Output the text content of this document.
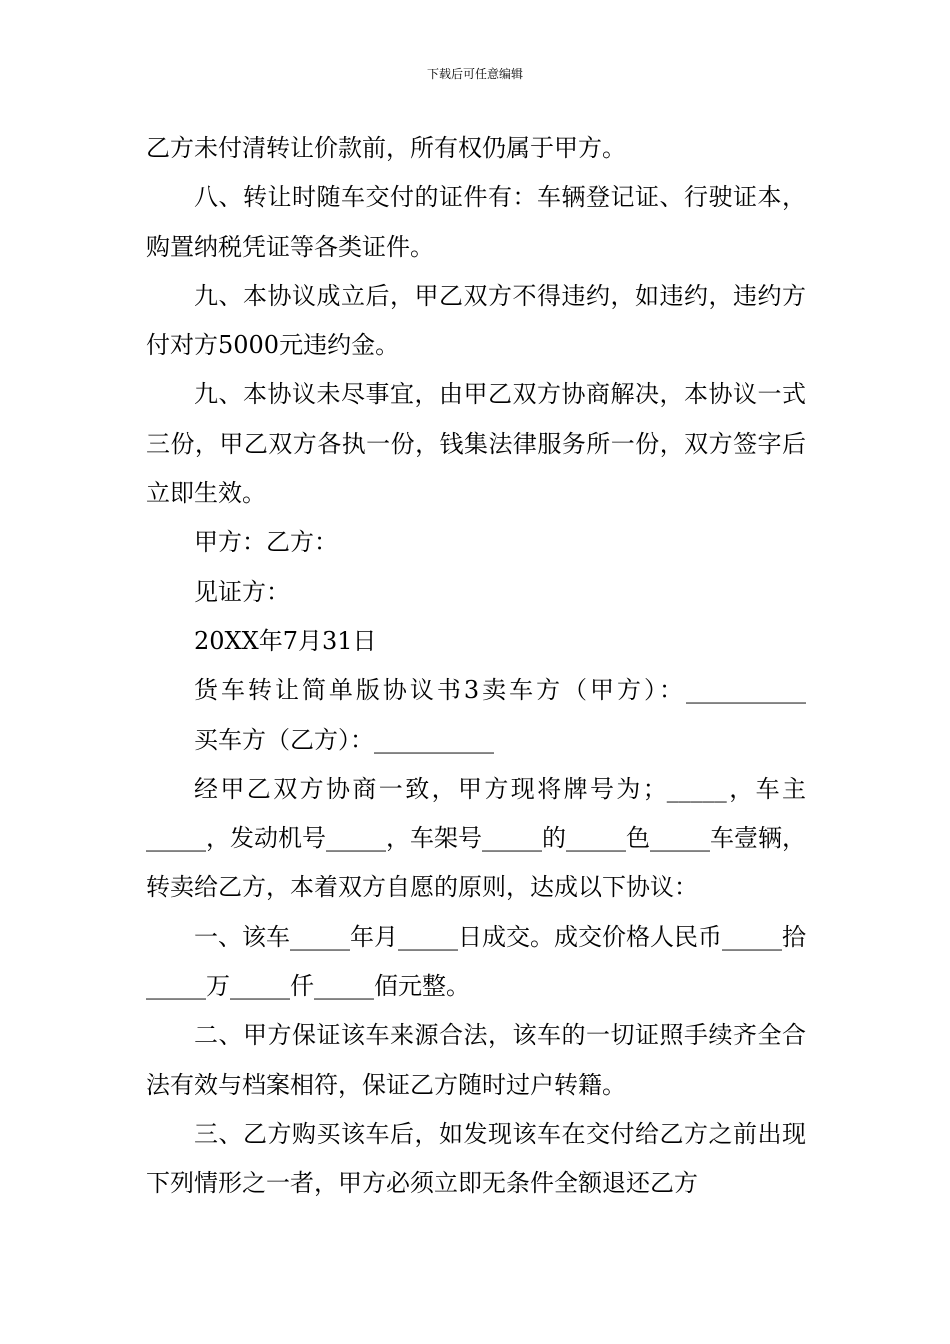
下载后可任意编辑

乙方未付清转让价款前，所有权仍属于甲方。

八、转让时随车交付的证件有：车辆登记证、行驶证本，购置纳税凭证等各类证件。

九、本协议成立后，甲乙双方不得违约，如违约，违约方付对方5000元违约金。

九、本协议未尽事宜，由甲乙双方协商解决，本协议一式三份，甲乙双方各执一份，钱集法律服务所一份，双方签字后立即生效。

甲方：乙方：

见证方：

20XX年7月31日

货车转让简单版协议书3卖车方（甲方）：__________

买车方（乙方）：__________

经甲乙双方协商一致，甲方现将牌号为；_____，车主_____，发动机号_____，车架号_____的_____色_____车壹辆，转卖给乙方，本着双方自愿的原则，达成以下协议：

一、该车_____年月_____日成交。成交价格人民币_____拾_____万_____仟_____佰元整。

二、甲方保证该车来源合法，该车的一切证照手续齐全合法有效与档案相符，保证乙方随时过户转籍。

三、乙方购买该车后，如发现该车在交付给乙方之前出现下列情形之一者，甲方必须立即无条件全额退还乙方
